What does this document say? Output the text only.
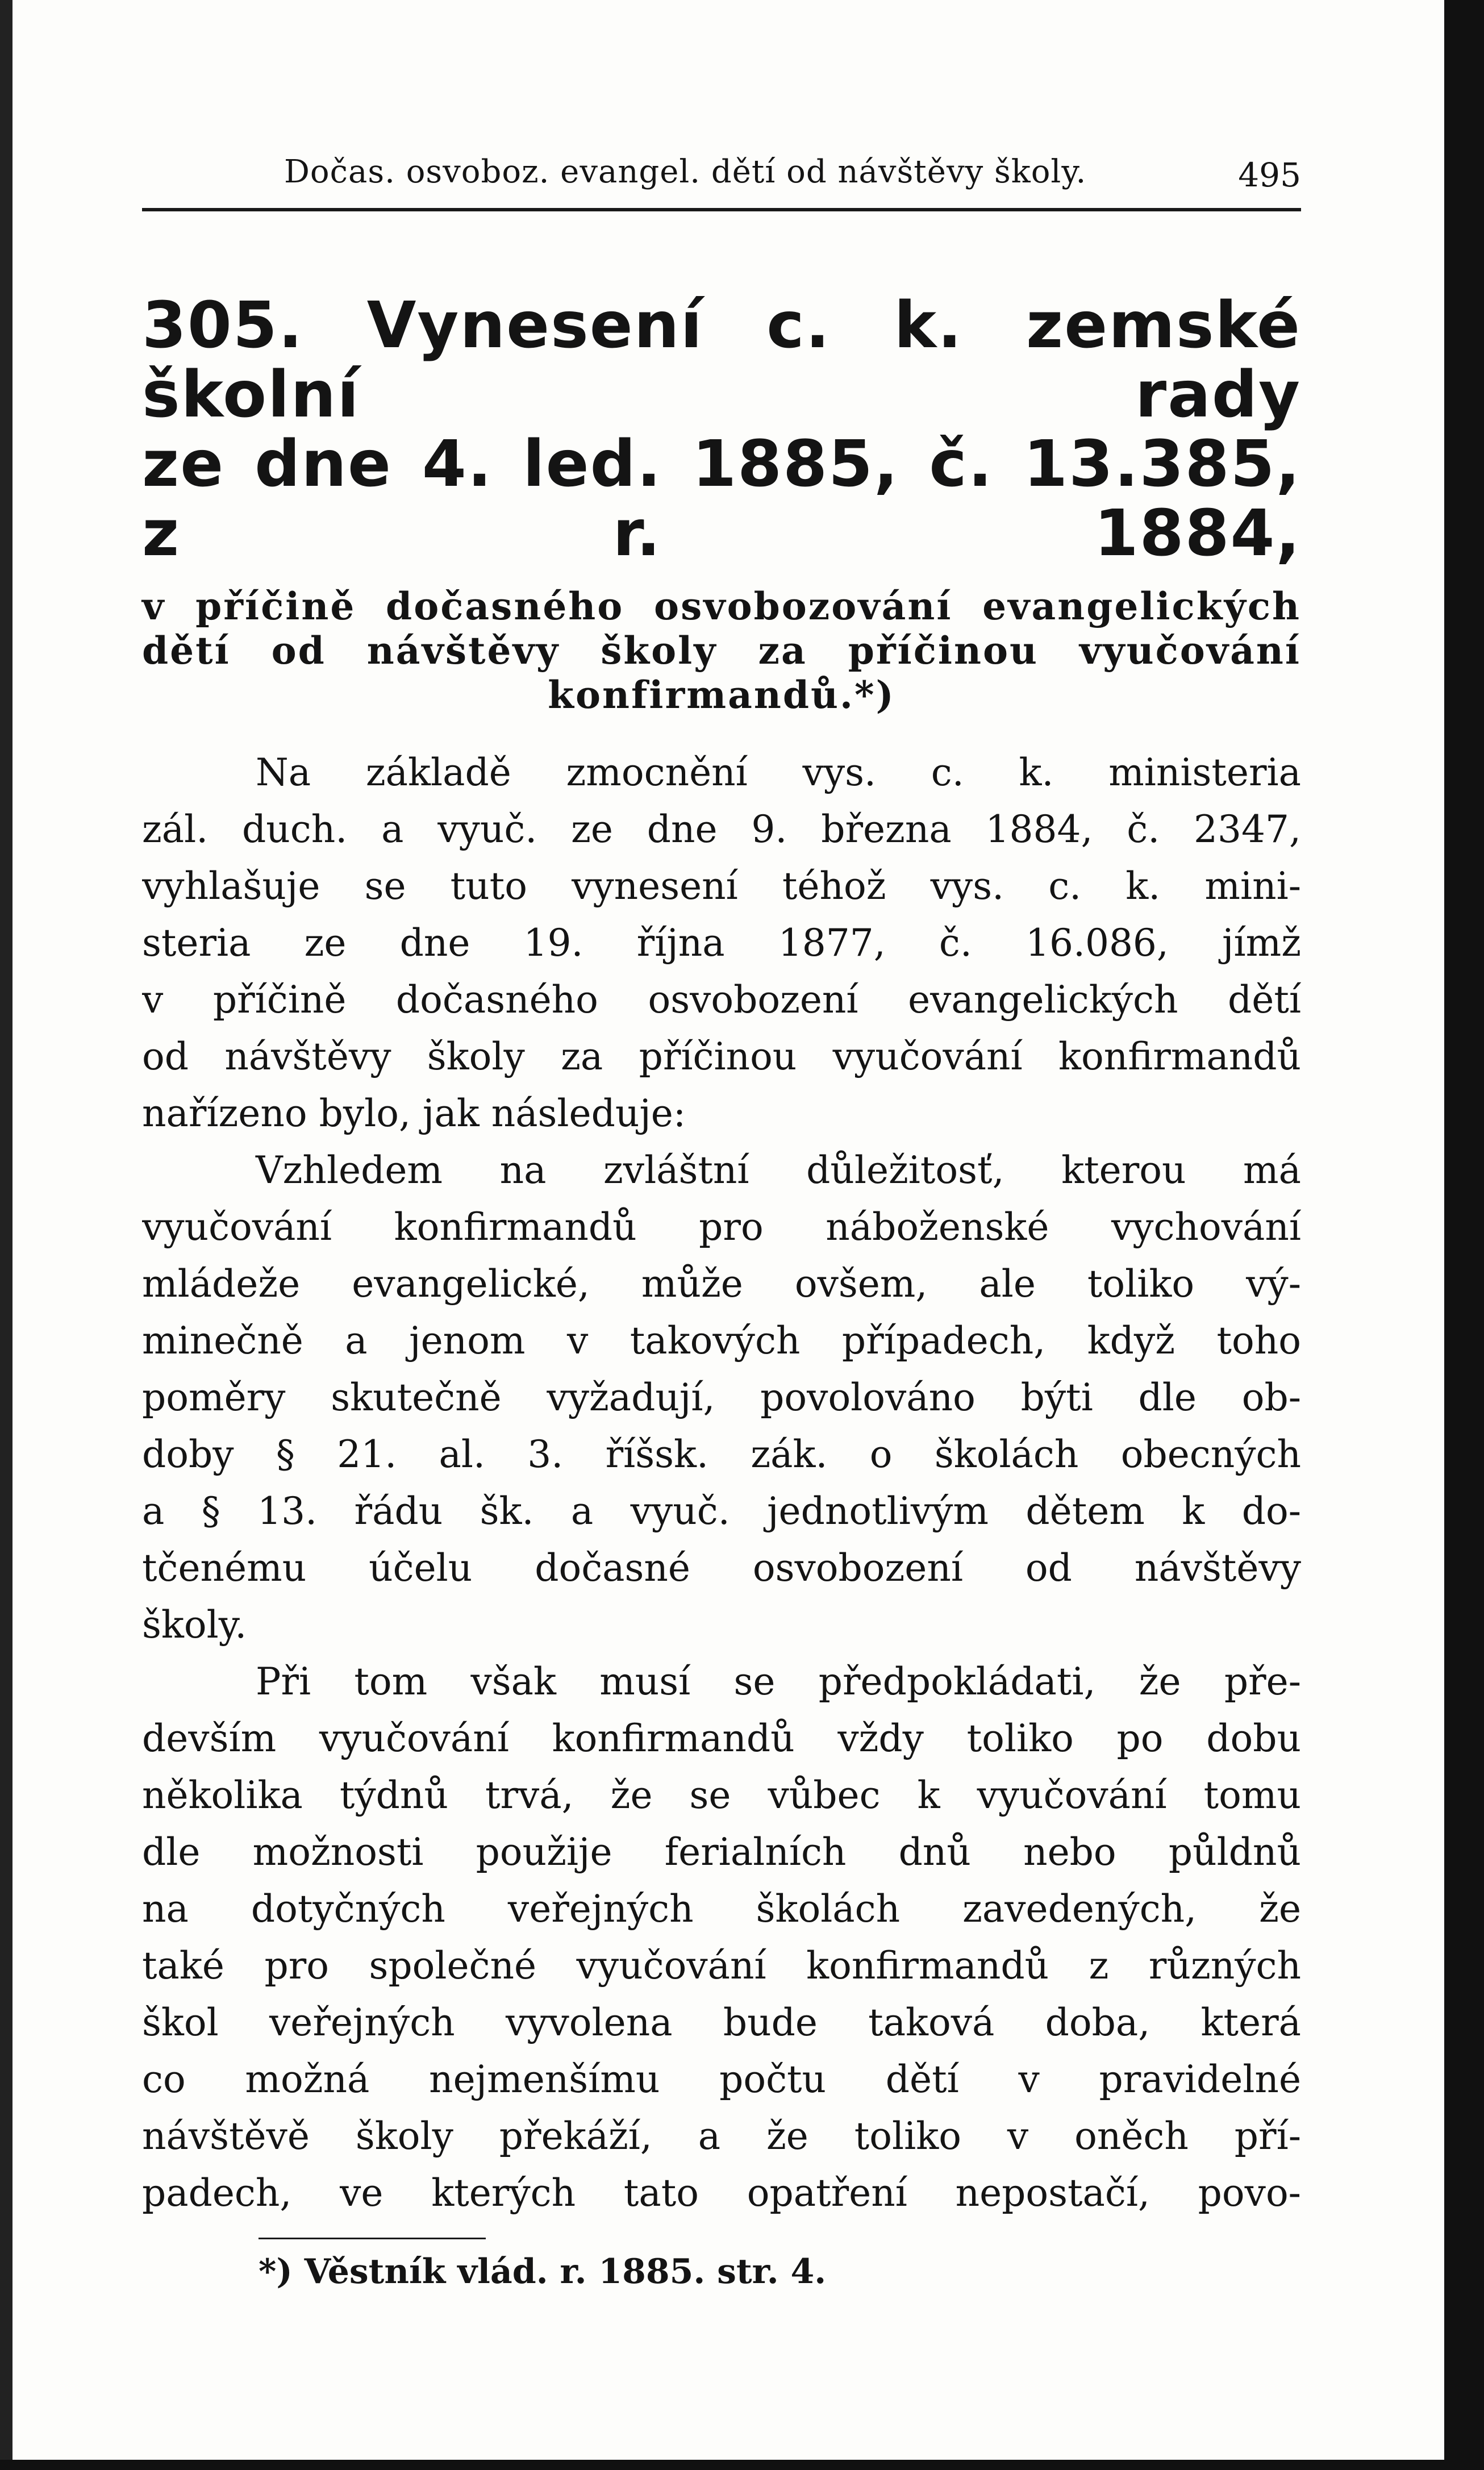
Dočas. osvoboz. evangel. dětí od návštěvy školy.	495
305. Vynesení c. k. zemské školní rady
ze dne 4. led. 1885, č. 13.385, z r. 1884,
v příčině dočasného osvobozování evangelických
dětí od návštěvy školy za příčinou vyučování
konfirmandů.*)
Na základě zmocnění vys. c. k. ministeria
zál. duch. a vyuč. ze dne 9. března 1884, č. 2347,
vyhlašuje se tuto vynesení téhož vys. c. k. mini-
steria ze dne 19. října 1877, č. 16.086, jímž
v příčině dočasného osvobození evangelických dětí
od návštěvy školy za příčinou vyučování konfirmandů
nařízeno bylo, jak následuje:
Vzhledem na zvláštní důležitosť, kterou má
vyučování konfirmandů pro náboženské vychování
mládeže evangelické, může ovšem, ale toliko vý-
minečně a jenom v takových případech, když toho
poměry skutečně vyžadují, povolováno býti dle ob-
doby § 21. al. 3. říšsk. zák. o školách obecných
a § 13. řádu šk. a vyuč. jednotlivým dětem k do-
tčenému účelu dočasné osvobození od návštěvy
školy.
Při tom však musí se předpokládati, že pře-
devším vyučování konfirmandů vždy toliko po dobu
několika týdnů trvá, že se vůbec k vyučování tomu
dle možnosti použije ferialních dnů nebo půldnů
na dotyčných veřejných školách zavedených, že
také pro společné vyučování konfirmandů z různých
škol veřejných vyvolena bude taková doba, která
co možná nejmenšímu počtu dětí v pravidelné
návštěvě školy překáží, a že toliko v oněch pří-
padech, ve kterých tato opatření nepostačí, povo-
*) Věstník vlád. r. 1885. str. 4.
